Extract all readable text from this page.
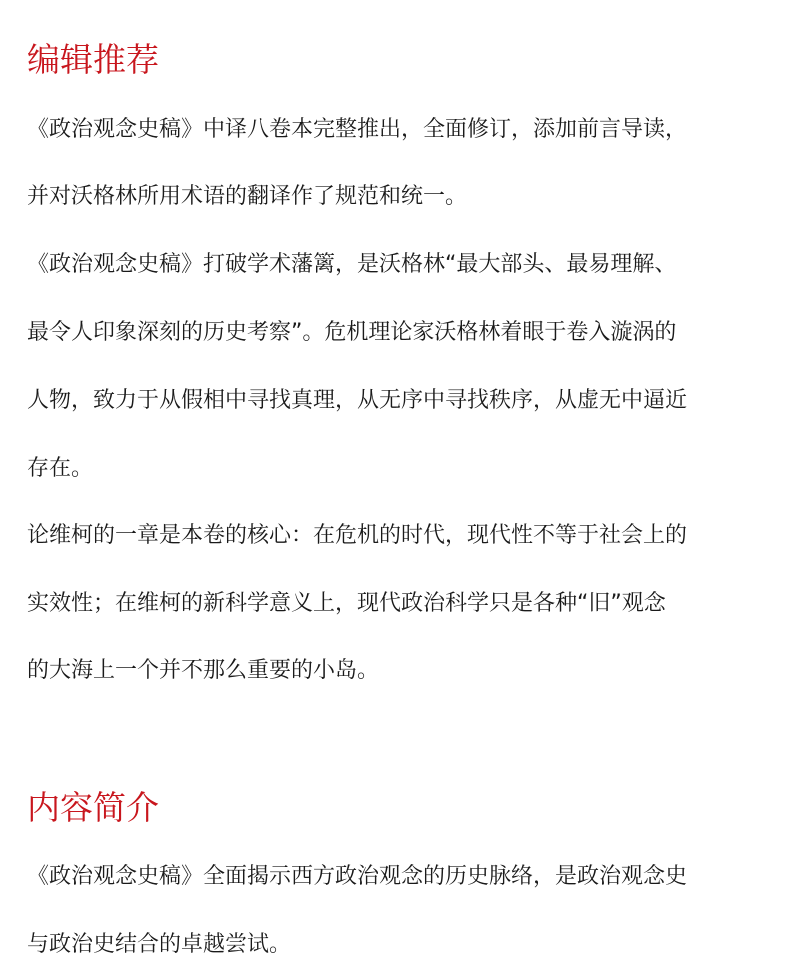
编辑推荐
《政治观念史稿》中译八卷本完整推出，全面修订，添加前言导读，
并对沃格林所用术语的翻译作了规范和统一。
《政治观念史稿》打破学术藩篱，是沃格林“最大部头、最易理解、
最令人印象深刻的历史考察”。危机理论家沃格林着眼于卷入漩涡的
人物，致力于从假相中寻找真理，从无序中寻找秩序，从虚无中逼近
存在。
论维柯的一章是本卷的核心：在危机的时代，现代性不等于社会上的
实效性；在维柯的新科学意义上，现代政治科学只是各种“旧”观念
的大海上一个并不那么重要的小岛。
内容简介
《政治观念史稿》全面揭示西方政治观念的历史脉络，是政治观念史
与政治史结合的卓越尝试。
